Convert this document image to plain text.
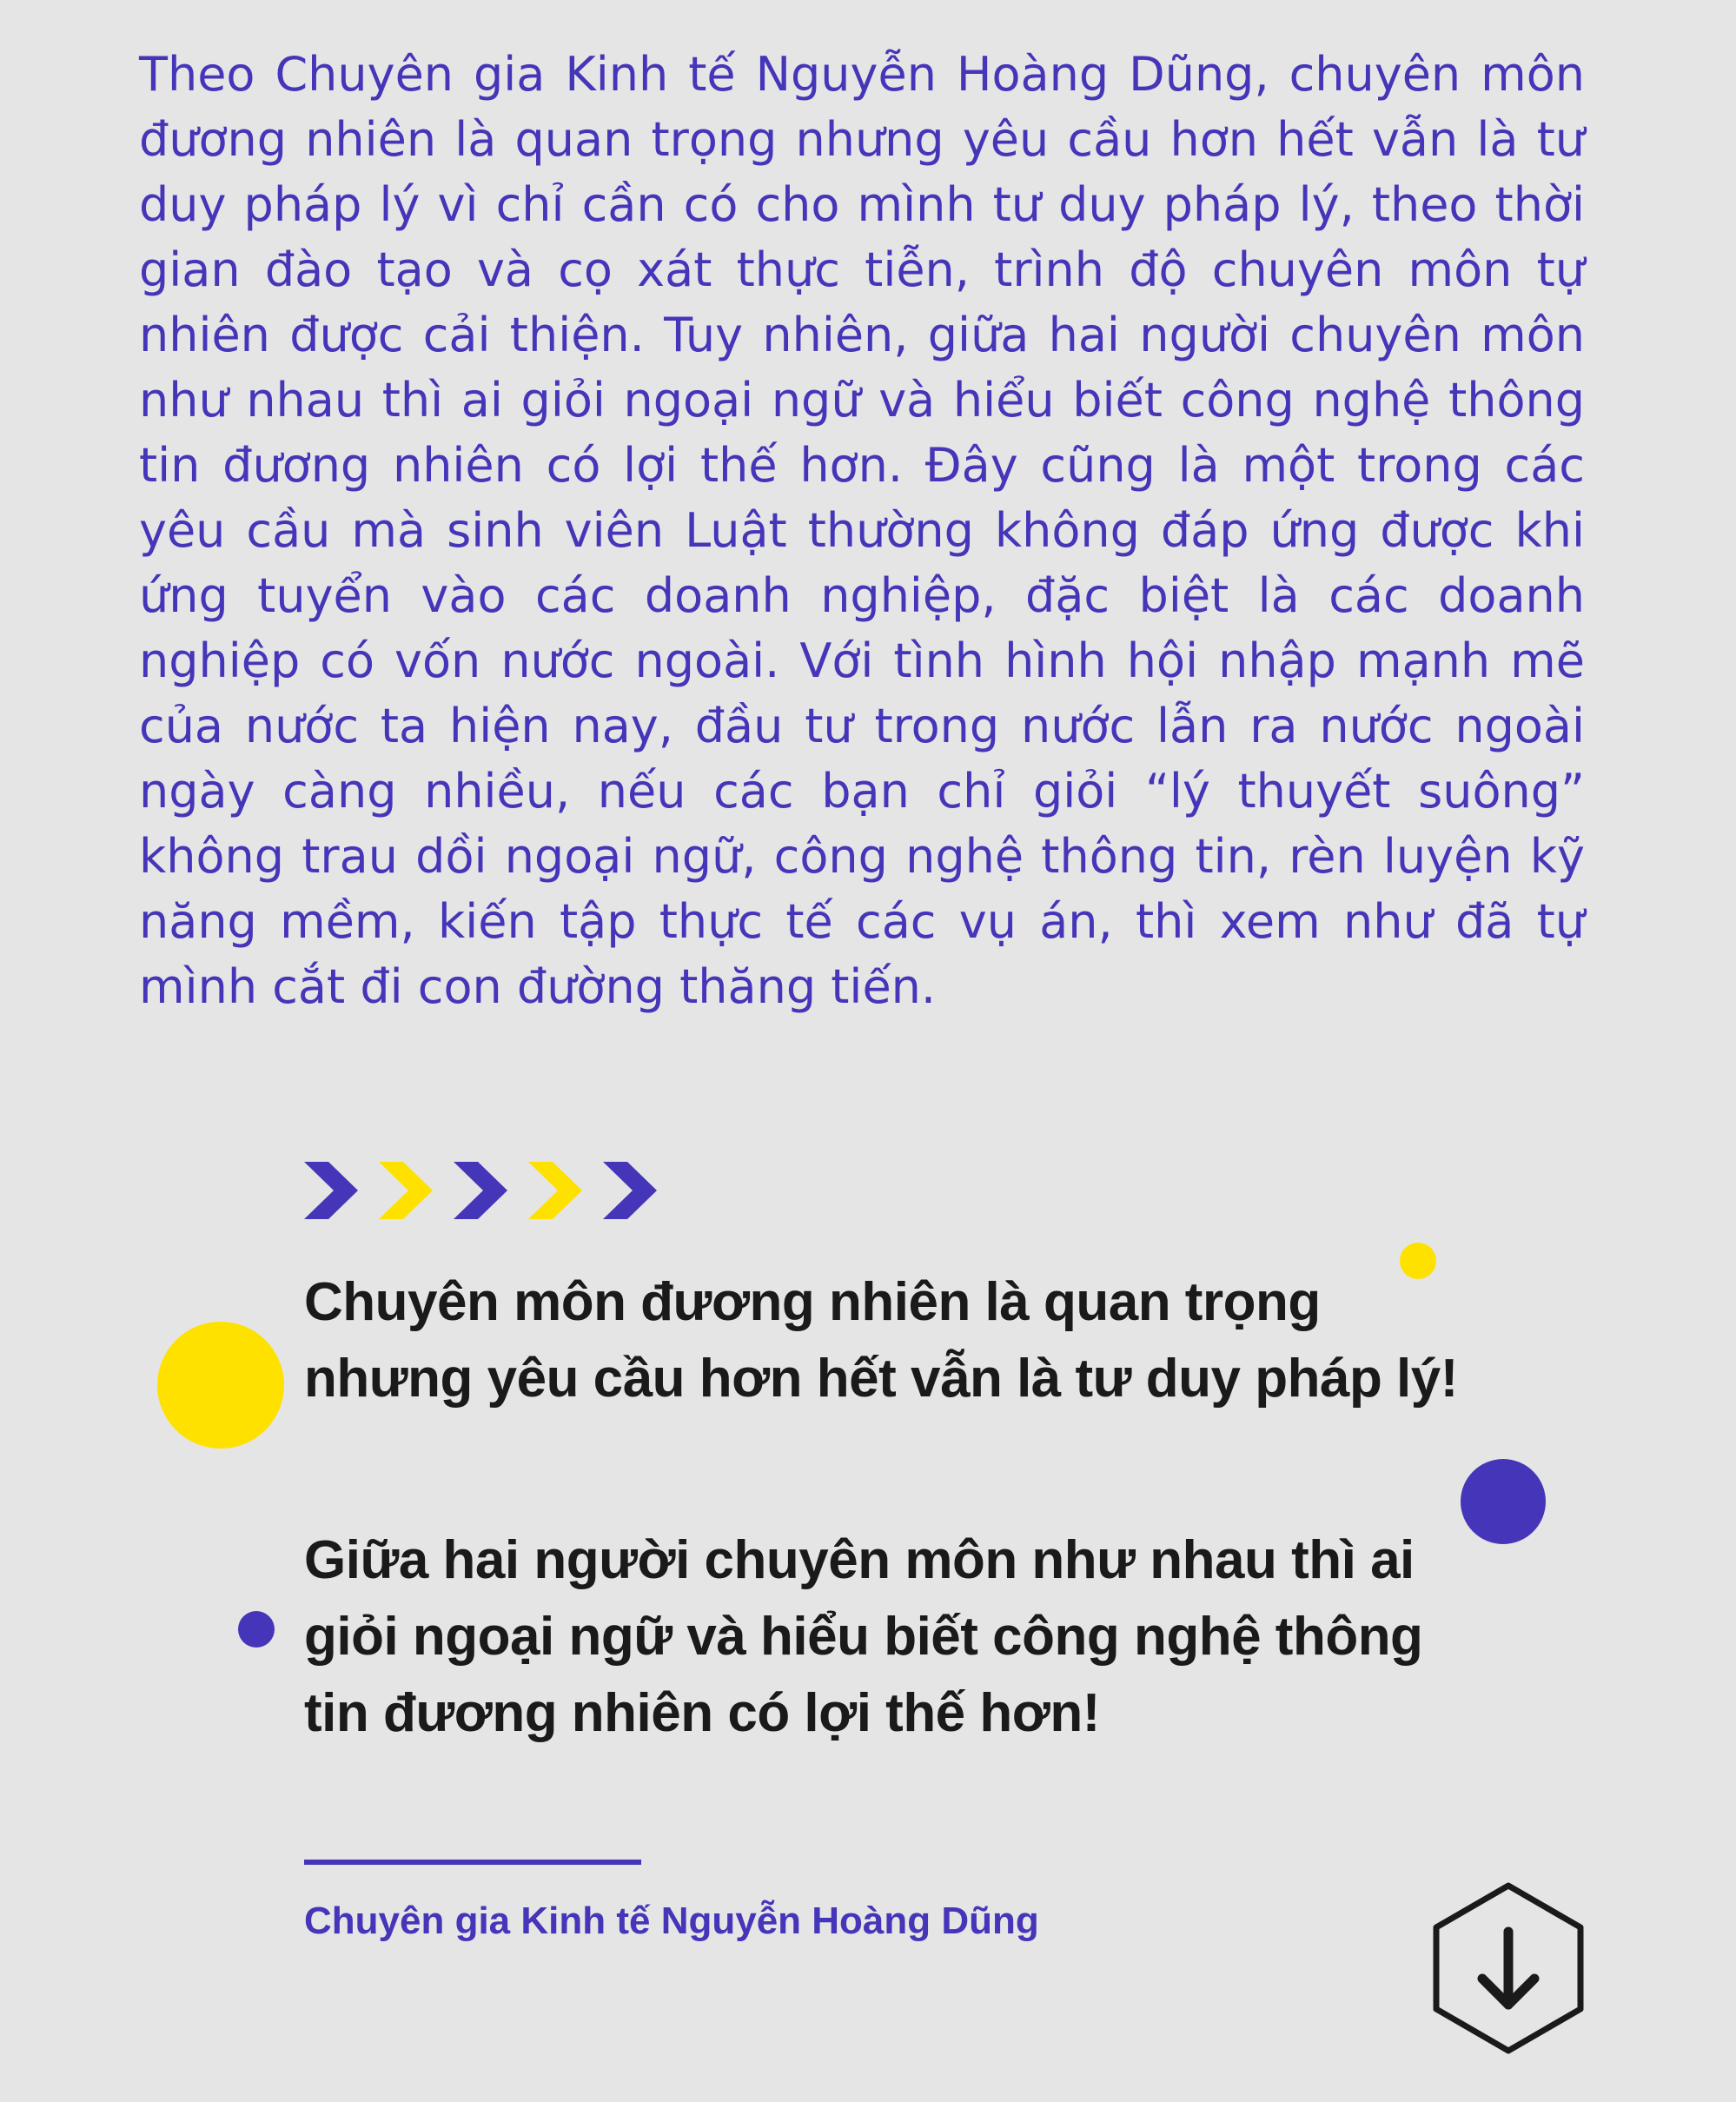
Theo Chuyên gia Kinh tế Nguyễn Hoàng Dũng, chuyên môn đương nhiên là quan trọng nhưng yêu cầu hơn hết vẫn là tư duy pháp lý vì chỉ cần có cho mình tư duy pháp lý, theo thời gian đào tạo và cọ xát thực tiễn, trình độ chuyên môn tự nhiên được cải thiện. Tuy nhiên, giữa hai người chuyên môn như nhau thì ai giỏi ngoại ngữ và hiểu biết công nghệ thông tin đương nhiên có lợi thế hơn. Đây cũng là một trong các yêu cầu mà sinh viên Luật thường không đáp ứng được khi ứng tuyển vào các doanh nghiệp, đặc biệt là các doanh nghiệp có vốn nước ngoài. Với tình hình hội nhập mạnh mẽ của nước ta hiện nay, đầu tư trong nước lẫn ra nước ngoài ngày càng nhiều, nếu các bạn chỉ giỏi “lý thuyết suông” không trau dồi ngoại ngữ, công nghệ thông tin, rèn luyện kỹ năng mềm, kiến tập thực tế các vụ án, thì xem như đã tự mình cắt đi con đường thăng tiến.

Chuyên môn đương nhiên là quan trọng nhưng yêu cầu hơn hết vẫn là tư duy pháp lý!

Giữa hai người chuyên môn như nhau thì ai giỏi ngoại ngữ và hiểu biết công nghệ thông tin đương nhiên có lợi thế hơn!

Chuyên gia Kinh tế Nguyễn Hoàng Dũng
